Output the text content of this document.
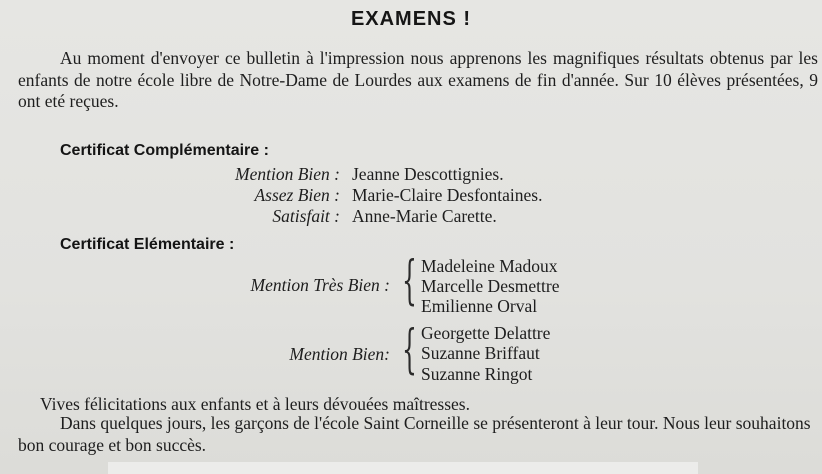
EXAMENS !

Au moment d'envoyer ce bulletin à l'impression nous apprenons les magnifiques résultats obtenus par les enfants de notre école libre de Notre-Dame de Lourdes aux examens de fin d'année. Sur 10 élèves présentées, 9 ont eté reçues.

Certificat Complémentaire :
Mention Bien : Jeanne Descottignies.
Assez Bien : Marie-Claire Desfontaines.
Satisfait : Anne-Marie Carette.
Certificat Elémentaire :
Mention Très Bien : { Madeleine Madoux
Marcelle Desmettre
Emilienne Orval
Mention Bien: { Georgette Delattre
Suzanne Briffaut
Suzanne Ringot

Vives félicitations aux enfants et à leurs dévouées maîtresses.

Dans quelques jours, les garçons de l'école Saint Corneille se présenteront à leur tour. Nous leur souhaitons bon courage et bon succès.
